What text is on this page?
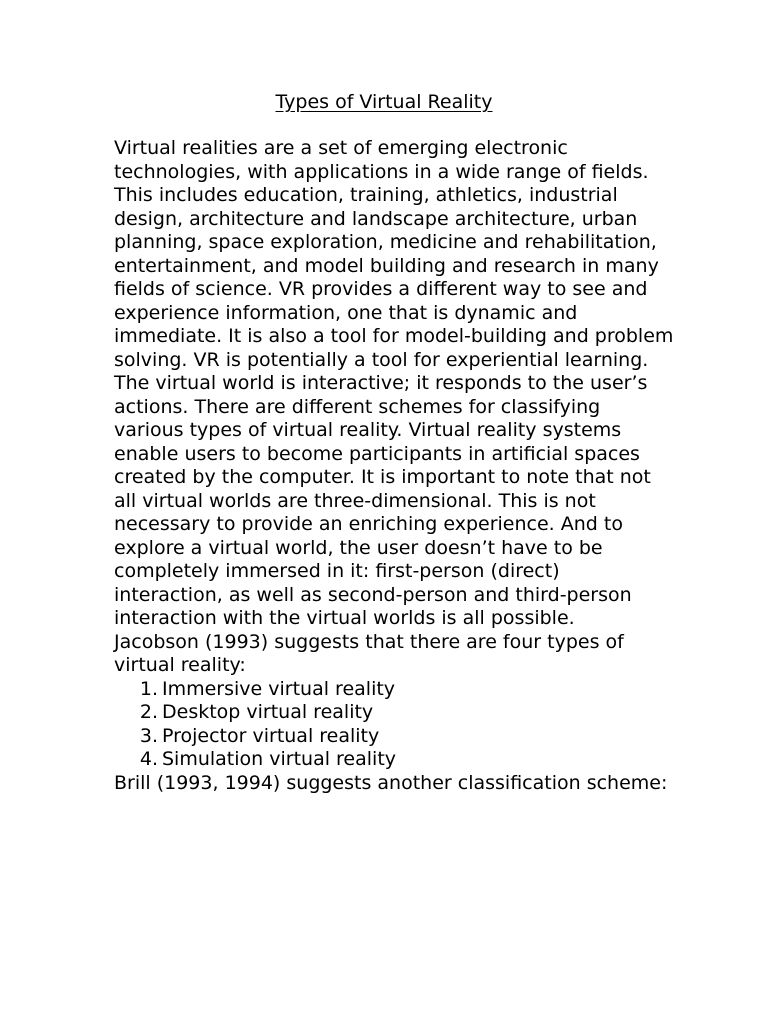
Types of Virtual Reality

Virtual realities are a set of emerging electronic technologies, with applications in a wide range of fields. This includes education, training, athletics, industrial design, architecture and landscape architecture, urban planning, space exploration, medicine and rehabilitation, entertainment, and model building and research in many fields of science. VR provides a different way to see and experience information, one that is dynamic and immediate. It is also a tool for model-building and problem solving. VR is potentially a tool for experiential learning. The virtual world is interactive; it responds to the user’s actions. There are different schemes for classifying various types of virtual reality. Virtual reality systems enable users to become participants in artificial spaces created by the computer. It is important to note that not all virtual worlds are three-dimensional. This is not necessary to provide an enriching experience. And to explore a virtual world, the user doesn’t have to be completely immersed in it: first-person (direct) interaction, as well as second-person and third-person interaction with the virtual worlds is all possible.

Jacobson (1993) suggests that there are four types of virtual reality:

1. Immersive virtual reality
2. Desktop virtual reality
3. Projector virtual reality
4. Simulation virtual reality

Brill (1993, 1994) suggests another classification scheme:
